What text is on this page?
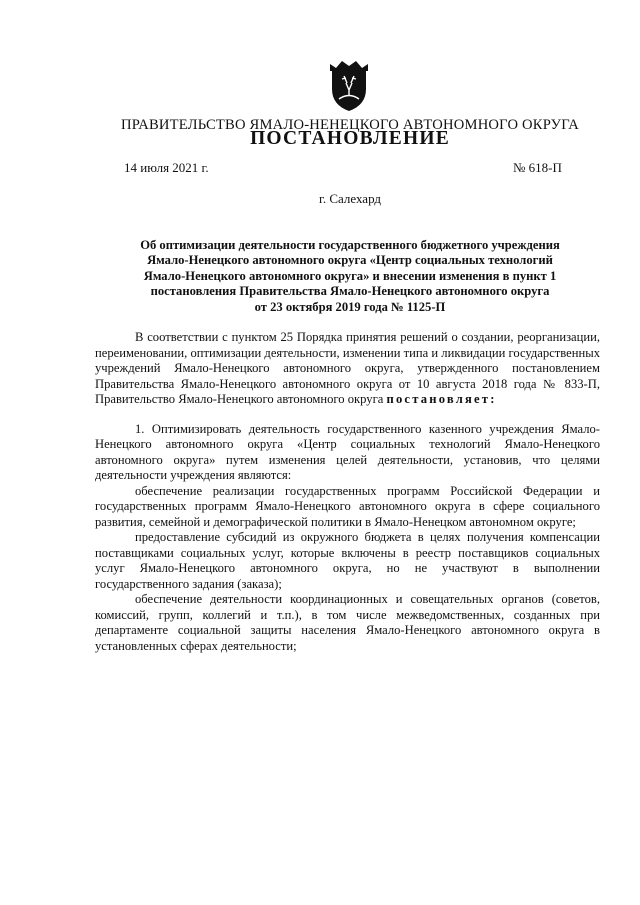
ПРАВИТЕЛЬСТВО ЯМАЛО-НЕНЕЦКОГО АВТОНОМНОГО ОКРУГА
ПОСТАНОВЛЕНИЕ
14 июля 2021 г.	№ 618-П
г. Салехард
Об оптимизации деятельности государственного бюджетного учреждения
Ямало-Ненецкого автономного округа «Центр социальных технологий
Ямало-Ненецкого автономного округа» и внесении изменения в пункт 1
постановления Правительства Ямало-Ненецкого автономного округа
от 23 октября 2019 года № 1125-П

В соответствии с пунктом 25 Порядка принятия решений о создании, реорганизации, переименовании, оптимизации деятельности, изменении типа и ликвидации государственных учреждений Ямало-Ненецкого автономного округа, утвержденного постановлением Правительства Ямало-Ненецкого автономного округа от 10 августа 2018 года № 833-П, Правительство Ямало-Ненецкого автономного округа постановляет:

1. Оптимизировать деятельность государственного казенного учреждения Ямало-Ненецкого автономного округа «Центр социальных технологий Ямало-Ненецкого автономного округа» путем изменения целей деятельности, установив, что целями деятельности учреждения являются:

обеспечение реализации государственных программ Российской Федерации и государственных программ Ямало-Ненецкого автономного округа в сфере социального развития, семейной и демографической политики в Ямало-Ненецком автономном округе;

предоставление субсидий из окружного бюджета в целях получения компенсации поставщиками социальных услуг, которые включены в реестр поставщиков социальных услуг Ямало-Ненецкого автономного округа, но не участвуют в выполнении государственного задания (заказа);

обеспечение деятельности координационных и совещательных органов (советов, комиссий, групп, коллегий и т.п.), в том числе межведомственных, созданных при департаменте социальной защиты населения Ямало-Ненецкого автономного округа в установленных сферах деятельности;
